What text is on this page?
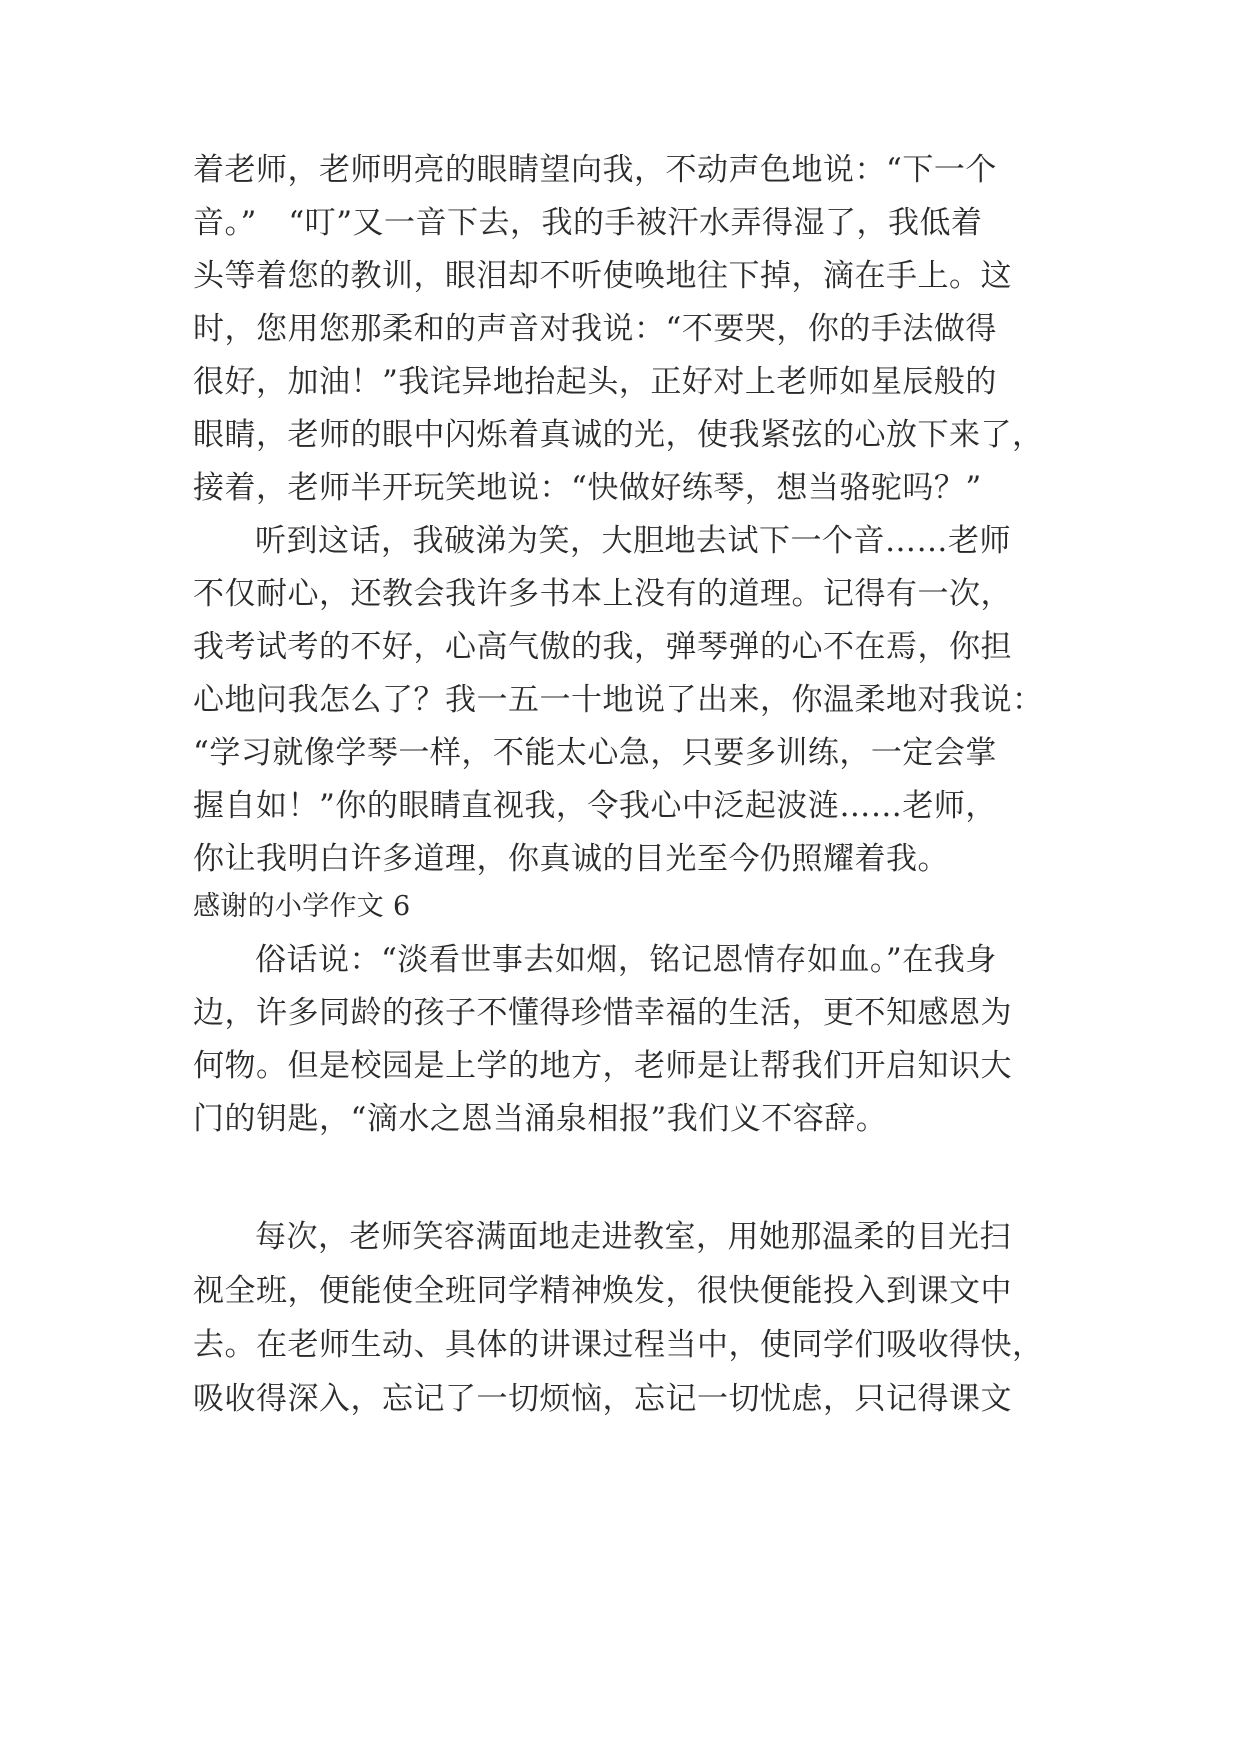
着老师，老师明亮的眼睛望向我，不动声色地说：“下一个
音。”　“叮”又一音下去，我的手被汗水弄得湿了，我低着
头等着您的教训，眼泪却不听使唤地往下掉，滴在手上。这
时，您用您那柔和的声音对我说：“不要哭，你的手法做得
很好，加油！”我诧异地抬起头，正好对上老师如星辰般的
眼睛，老师的眼中闪烁着真诚的光，使我紧弦的心放下来了，
接着，老师半开玩笑地说：“快做好练琴，想当骆驼吗？”
听到这话，我破涕为笑，大胆地去试下一个音……老师
不仅耐心，还教会我许多书本上没有的道理。记得有一次，
我考试考的不好，心高气傲的我，弹琴弹的心不在焉，你担
心地问我怎么了？我一五一十地说了出来，你温柔地对我说：
“学习就像学琴一样，不能太心急，只要多训练，一定会掌
握自如！”你的眼睛直视我，令我心中泛起波涟……老师，
你让我明白许多道理，你真诚的目光至今仍照耀着我。
感谢的小学作文 6
俗话说：“淡看世事去如烟，铭记恩情存如血。”在我身
边，许多同龄的孩子不懂得珍惜幸福的生活，更不知感恩为
何物。但是校园是上学的地方，老师是让帮我们开启知识大
门的钥匙，“滴水之恩当涌泉相报”我们义不容辞。
每次，老师笑容满面地走进教室，用她那温柔的目光扫
视全班，便能使全班同学精神焕发，很快便能投入到课文中
去。在老师生动、具体的讲课过程当中，使同学们吸收得快，
吸收得深入，忘记了一切烦恼，忘记一切忧虑，只记得课文
